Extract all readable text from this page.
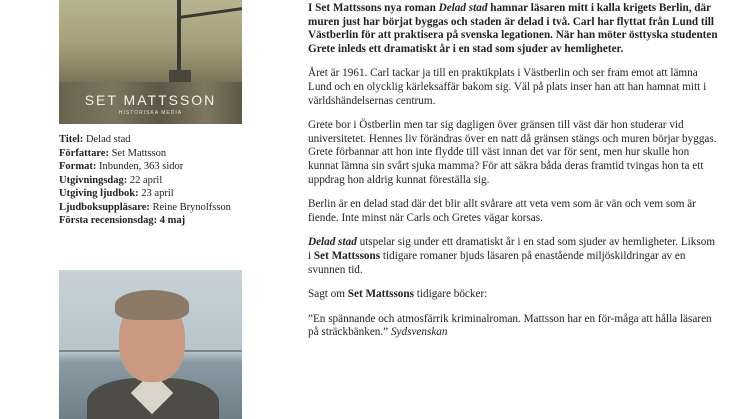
SET MATTSSON
HISTORISKA MEDIA
Titel: Delad stad
Författare: Set Mattsson
Format: Inbunden, 363 sidor
Utgivningsdag: 22 april
Utgiving ljudbok: 23 april
Ljudboksuppläsare: Reine Brynolfsson
Första recensionsdag: 4 maj

I Set Mattssons nya roman Delad stad hamnar läsaren mitt i kalla krigets Berlin, där muren just har börjat byggas och staden är delad i två. Carl har flyttat från Lund till Västberlin för att praktisera på svenska legationen. När han möter östtyska studenten Grete inleds ett dramatiskt år i en stad som sjuder av hemligheter.

Året är 1961. Carl tackar ja till en praktikplats i Västberlin och ser fram emot att lämna Lund och en olycklig kärleksaffär bakom sig. Väl på plats inser han att han hamnat mitt i världshändelsernas centrum.

Grete bor i Östberlin men tar sig dagligen över gränsen till väst där hon studerar vid universitetet. Hennes liv förändras över en natt då gränsen stängs och muren börjar byggas. Grete förbannar att hon inte flydde till väst innan det var för sent, men hur skulle hon kunnat lämna sin svårt sjuka mamma? För att säkra båda deras framtid tvingas hon ta ett uppdrag hon aldrig kunnat föreställa sig.

Berlin är en delad stad där det blir allt svårare att veta vem som är vän och vem som är fiende. Inte minst när Carls och Gretes vägar korsas.

Delad stad utspelar sig under ett dramatiskt år i en stad som sjuder av hemligheter. Liksom i Set Mattssons tidigare romaner bjuds läsaren på enastående miljöskildringar av en svunnen tid.

Sagt om Set Mattssons tidigare böcker:

”En spännande och atmosfärrik kriminalroman. Mattsson har en för-måga att hålla läsaren på sträckbänken.” Sydsvenskan
